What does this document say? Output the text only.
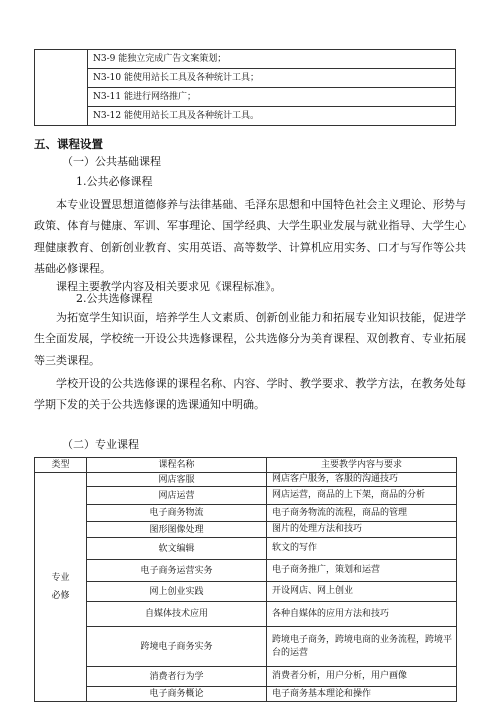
	N3-9 能独立完成广告文案策划；
N3-10 能使用站长工具及各种统计工具；
N3-11 能进行网络推广；
N3-12 能使用站长工具及各种统计工具。
五、课程设置
（一）公共基础课程
1.公共必修课程
本专业设置思想道德修养与法律基础、毛泽东思想和中国特色社会主义理论、形势与政策、体育与健康、军训、军事理论、国学经典、大学生职业发展与就业指导、大学生心理健康教育、创新创业教育、实用英语、高等数学、计算机应用实务、口才与写作等公共基础必修课程。
课程主要教学内容及相关要求见《课程标准》。
2.公共选修课程
为拓宽学生知识面，培养学生人文素质、创新创业能力和拓展专业知识技能，促进学生全面发展，学校统一开设公共选修课程，公共选修分为美育课程、双创教育、专业拓展等三类课程。
学校开设的公共选修课的课程名称、内容、学时、教学要求、教学方法，在教务处每学期下发的关于公共选修课的选课通知中明确。
（二）专业课程
类型	课程名称	主要教学内容与要求
专业
必修	网店客服	网店客户服务，客服的沟通技巧
	网店运营	网店运营，商品的上下架，商品的分析
	电子商务物流	电子商务物流的流程，商品的管理
	图形图像处理	图片的处理方法和技巧
	软文编辑	软文的写作
	电子商务运营实务	电子商务推广，策划和运营
	网上创业实践	开设网店、网上创业
	自媒体技术应用	各种自媒体的应用方法和技巧
	跨境电子商务实务	跨境电子商务，跨境电商的业务流程，跨境平台的运营
	消费者行为学	消费者分析，用户分析，用户画像
	电子商务概论	电子商务基本理论和操作
